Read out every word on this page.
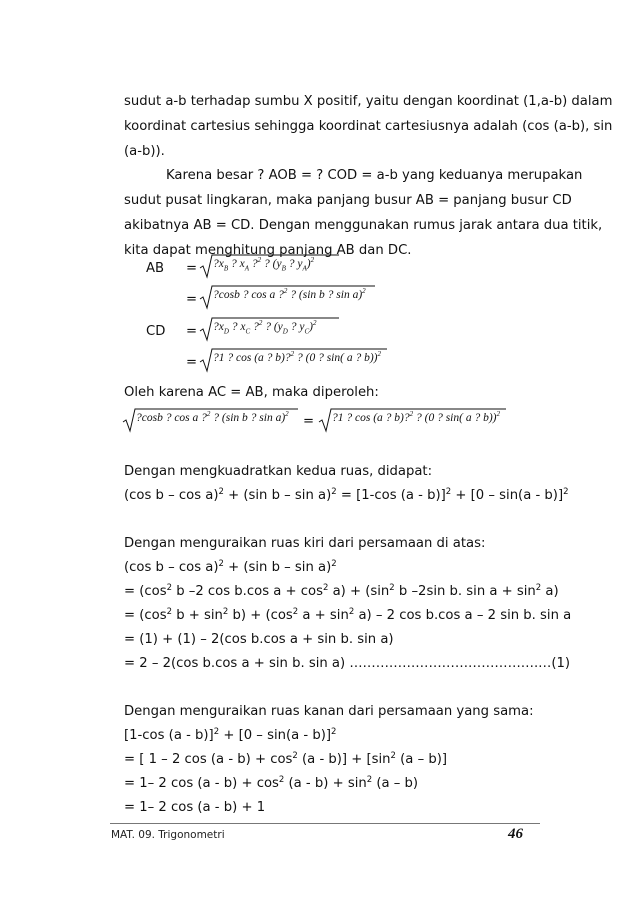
sudut a-b terhadap sumbu X positif, yaitu dengan koordinat (1,a-b) dalam
koordinat cartesius sehingga koordinat cartesiusnya adalah (cos (a-b), sin
(a-b)).
Karena besar ? AOB = ? COD = a-b yang keduanya merupakan
sudut pusat lingkaran, maka panjang busur AB = panjang busur CD
akibatnya AB = CD. Dengan menggunakan rumus jarak antara dua titik,
kita dapat menghitung panjang AB dan DC.
AB = $?x_B$ ? $x_A$ ?$^2$ ? ($y_B$ ? $y_A)^2$
= ?cosb ? cos a ?$^2$ ? (sin b ? sin a)$^2$
CD = $?x_D$ ? $x_C$ ?$^2$ ? ($y_D$ ? $y_C)^2$
= ?1 ? cos (a ? b)?$^2$ ? (0 ? sin( a ? b))$^2$
Oleh karena AC = AB, maka diperoleh:
?cosb ? cos a ?$^2$ ? (sin b ? sin a)$^2$ = ?1 ? cos (a ? b)?$^2$ ? (0 ? sin( a ? b))$^2$
Dengan mengkuadratkan kedua ruas, didapat:
(cos b – cos a)$^2$ + (sin b – sin a)$^2$ = [1-cos (a - b)]$^2$ + [0 – sin(a - b)]$^2$
Dengan menguraikan ruas kiri dari persamaan di atas:
(cos b – cos a)$^2$ + (sin b – sin a)$^2$
= ($\cos^2$ b –2 cos b.cos $a + \cos^2 a) + (\sin^2$ b –2sin b. $\sin a + \sin^2 a$)
= ($\cos^2$ $b + \sin^2 b) + (\cos^2$ $a + \sin^2 a) - 2$ cos b.cos a – 2 sin b. sin a
= (1) + (1) – 2(cos b.cos a + sin b. sin a)
= 2 – 2(cos b.cos a + sin b. sin a) …………………………………….…(1)
Dengan menguraikan ruas kanan dari persamaan yang sama:
[1-cos (a - b)]$^2$ + [0 – sin(a - b)]$^2$
= [ 1 – 2 $\cos (a - b) + \cos^2 (a - b)] + [\sin^2$ (a – b)]
= 1– 2 $\cos (a - b) + \cos^2 (a - b) + \sin^2 (a - b)$
= 1– 2 cos (a - b) + 1
MAT. 09. Trigonometri	46
